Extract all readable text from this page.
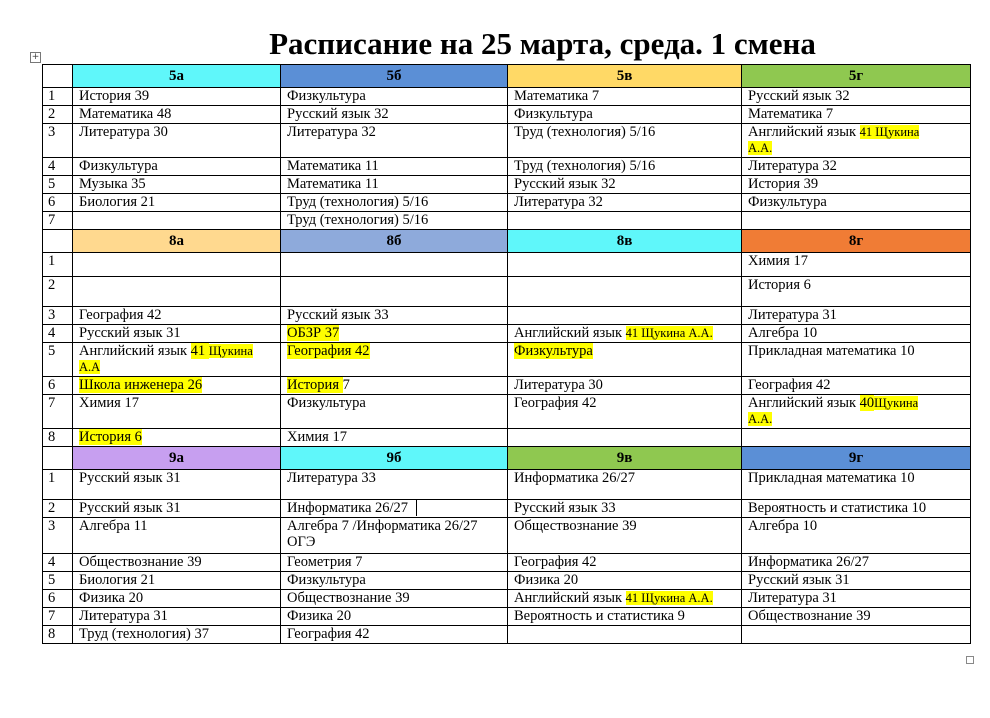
Расписание на 25 марта, среда. 1 смена
+
	5а	5б	5в	5г
1	История 39	Физкультура	Математика 7	Русский язык 32
2	Математика 48	Русский язык 32	Физкультура	Математика 7
3	Литература 30	Литература 32	Труд (технология) 5/16	Английский язык 41 Щукина
А.А.
4	Физкультура	Математика 11	Труд (технология) 5/16	Литература 32
5	Музыка 35	Математика 11	Русский язык 32	История 39
6	Биология 21	Труд (технология) 5/16	Литература 32	Физкультура
7		Труд (технология) 5/16		
	8а	8б	8в	8г
1				Химия 17
2				История 6
3	География 42	Русский язык 33		Литература 31
4	Русский язык 31	ОБЗР 37	Английский язык 41 Щукина А.А.	Алгебра 10
5	Английский язык 41 Щукина
А.А	География 42	Физкультура	Прикладная математика 10
6	Школа инженера 26	История 7	Литература 30	География 42
7	Химия 17	Физкультура	География 42	Английский язык 40Щукина
А.А.
8	История 6	Химия 17		
	9а	9б	9в	9г
1	Русский язык 31	Литература 33	Информатика 26/27	Прикладная математика 10
2	Русский язык 31	Информатика 26/27	Русский язык 33	Вероятность и статистика 10
3	Алгебра 11	Алгебра 7 /Информатика 26/27
ОГЭ	Обществознание 39	Алгебра 10
4	Обществознание 39	Геометрия 7	География 42	Информатика 26/27
5	Биология 21	Физкультура	Физика 20	Русский язык 31
6	Физика 20	Обществознание 39	Английский язык 41 Щукина А.А.	Литература 31
7	Литература 31	Физика 20	Вероятность и статистика 9	Обществознание 39
8	Труд (технология) 37	География 42		
